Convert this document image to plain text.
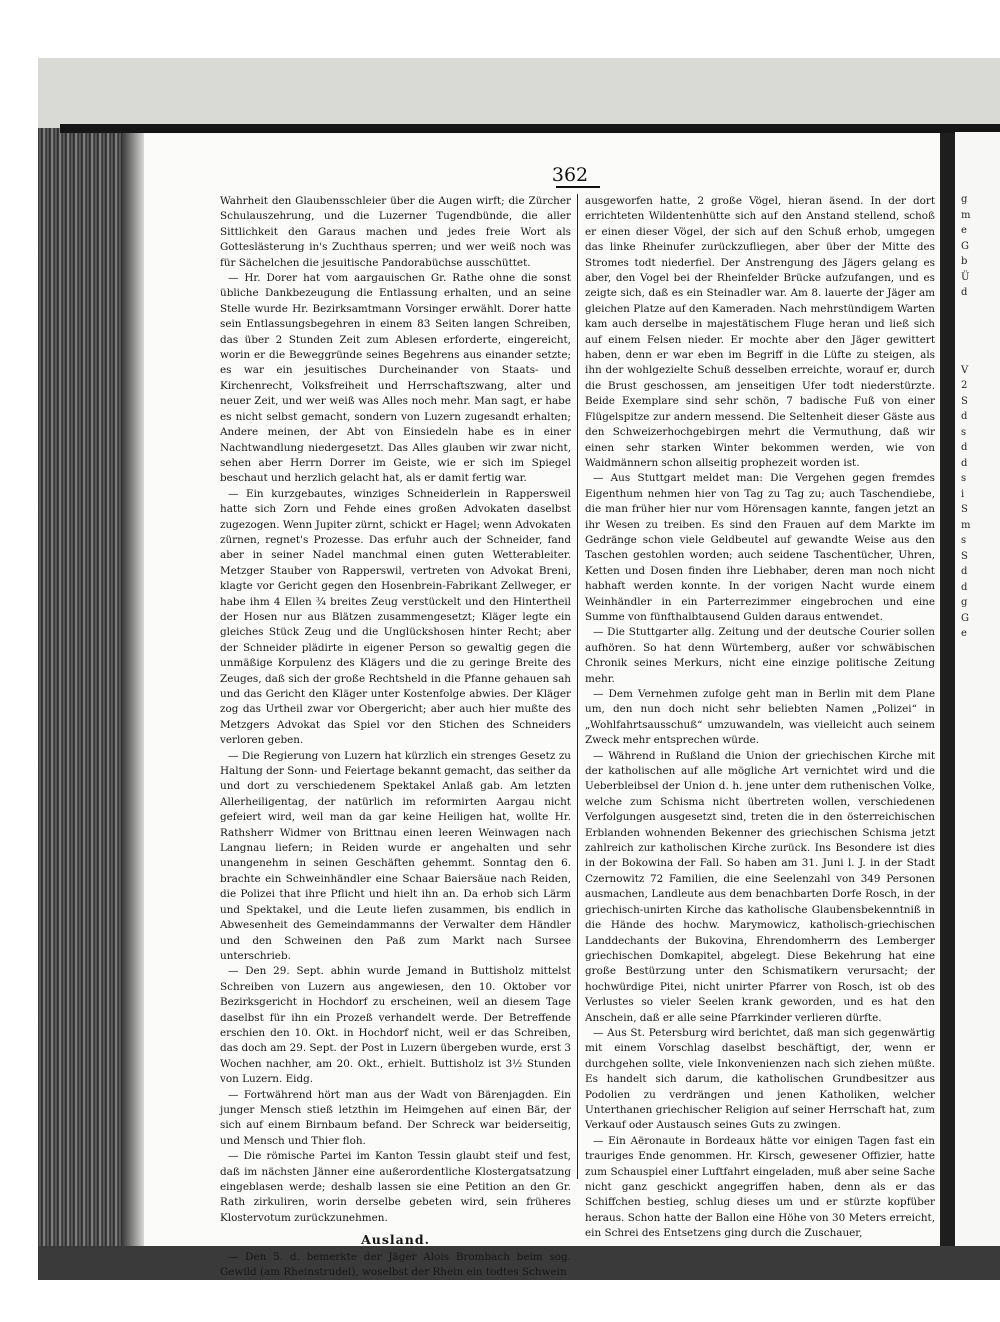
g
m
e
G
b
Ü
d

V
2
S
d
s
d
d
s
i
S
m
s
S
d
d
g
G
e
362

Wahrheit den Glaubensschleier über die Augen wirft; die Zürcher Schulauszehrung, und die Luzerner Tugendbünde, die aller Sittlichkeit den Garaus machen und jedes freie Wort als Gotteslästerung in's Zuchthaus sperren; und wer weiß noch was für Sächelchen die jesuitische Pandorabüchse ausschüttet.

— Hr. Dorer hat vom aargauischen Gr. Rathe ohne die sonst übliche Dankbezeugung die Entlassung erhalten, und an seine Stelle wurde Hr. Bezirksamtmann Vorsinger erwählt. Dorer hatte sein Entlassungsbegehren in einem 83 Seiten langen Schreiben, das über 2 Stunden Zeit zum Ablesen erforderte, eingereicht, worin er die Beweggründe seines Begehrens aus einander setzte; es war ein jesuitisches Durcheinander von Staats- und Kirchenrecht, Volksfreiheit und Herrschaftszwang, alter und neuer Zeit, und wer weiß was Alles noch mehr. Man sagt, er habe es nicht selbst gemacht, sondern von Luzern zugesandt erhalten; Andere meinen, der Abt von Einsiedeln habe es in einer Nachtwandlung niedergesetzt. Das Alles glauben wir zwar nicht, sehen aber Herrn Dorrer im Geiste, wie er sich im Spiegel beschaut und herzlich gelacht hat, als er damit fertig war.

— Ein kurzgebautes, winziges Schneiderlein in Rappersweil hatte sich Zorn und Fehde eines großen Advokaten daselbst zugezogen. Wenn Jupiter zürnt, schickt er Hagel; wenn Advokaten zürnen, regnet's Prozesse. Das erfuhr auch der Schneider, fand aber in seiner Nadel manchmal einen guten Wetterableiter. Metzger Stauber von Rapperswil, vertreten von Advokat Breni, klagte vor Gericht gegen den Hosenbrein-Fabrikant Zellweger, er habe ihm 4 Ellen ¾ breites Zeug verstückelt und den Hintertheil der Hosen nur aus Blätzen zusammengesetzt; Kläger legte ein gleiches Stück Zeug und die Unglückshosen hinter Recht; aber der Schneider plädirte in eigener Person so gewaltig gegen die unmäßige Korpulenz des Klägers und die zu geringe Breite des Zeuges, daß sich der große Rechtsheld in die Pfanne gehauen sah und das Gericht den Kläger unter Kostenfolge abwies. Der Kläger zog das Urtheil zwar vor Obergericht; aber auch hier mußte des Metzgers Advokat das Spiel vor den Stichen des Schneiders verloren geben.

— Die Regierung von Luzern hat kürzlich ein strenges Gesetz zu Haltung der Sonn- und Feiertage bekannt gemacht, das seither da und dort zu verschiedenem Spektakel Anlaß gab. Am letzten Allerheiligentag, der natürlich im reformirten Aargau nicht gefeiert wird, weil man da gar keine Heiligen hat, wollte Hr. Rathsherr Widmer von Brittnau einen leeren Weinwagen nach Langnau liefern; in Reiden wurde er angehalten und sehr unangenehm in seinen Geschäften gehemmt. Sonntag den 6. brachte ein Schweinhändler eine Schaar Baiersäue nach Reiden, die Polizei that ihre Pflicht und hielt ihn an. Da erhob sich Lärm und Spektakel, und die Leute liefen zusammen, bis endlich in Abwesenheit des Gemeindammanns der Verwalter dem Händler und den Schweinen den Paß zum Markt nach Sursee unterschrieb.

— Den 29. Sept. abhin wurde Jemand in Buttisholz mittelst Schreiben von Luzern aus angewiesen, den 10. Oktober vor Bezirksgericht in Hochdorf zu erscheinen, weil an diesem Tage daselbst für ihn ein Prozeß verhandelt werde. Der Betreffende erschien den 10. Okt. in Hochdorf nicht, weil er das Schreiben, das doch am 29. Sept. der Post in Luzern übergeben wurde, erst 3 Wochen nachher, am 20. Okt., erhielt. Buttisholz ist 3½ Stunden von Luzern. Eidg.

— Fortwährend hört man aus der Wadt von Bärenjagden. Ein junger Mensch stieß letzthin im Heimgehen auf einen Bär, der sich auf einem Birnbaum befand. Der Schreck war beiderseitig, und Mensch und Thier floh.

— Die römische Partei im Kanton Tessin glaubt steif und fest, daß im nächsten Jänner eine außerordentliche Klostergatsatzung eingeblasen werde; deshalb lassen sie eine Petition an den Gr. Rath zirkuliren, worin derselbe gebeten wird, sein früheres Klostervotum zurückzunehmen.

Ausland.

— Den 5. d. bemerkte der Jäger Alois Brombach beim sog. Gewild (am Rheinstrudel), woselbst der Rhein ein todtes Schwein

ausgeworfen hatte, 2 große Vögel, hieran äsend. In der dort errichteten Wildentenhütte sich auf den Anstand stellend, schoß er einen dieser Vögel, der sich auf den Schuß erhob, umgegen das linke Rheinufer zurückzufliegen, aber über der Mitte des Stromes todt niederfiel. Der Anstrengung des Jägers gelang es aber, den Vogel bei der Rheinfelder Brücke aufzufangen, und es zeigte sich, daß es ein Steinadler war. Am 8. lauerte der Jäger am gleichen Platze auf den Kameraden. Nach mehrstündigem Warten kam auch derselbe in majestätischem Fluge heran und ließ sich auf einem Felsen nieder. Er mochte aber den Jäger gewittert haben, denn er war eben im Begriff in die Lüfte zu steigen, als ihn der wohlgezielte Schuß desselben erreichte, worauf er, durch die Brust geschossen, am jenseitigen Ufer todt niederstürzte. Beide Exemplare sind sehr schön, 7 badische Fuß von einer Flügelspitze zur andern messend. Die Seltenheit dieser Gäste aus den Schweizerhochgebirgen mehrt die Vermuthung, daß wir einen sehr starken Winter bekommen werden, wie von Waidmännern schon allseitig prophezeit worden ist.

— Aus Stuttgart meldet man: Die Vergehen gegen fremdes Eigenthum nehmen hier von Tag zu Tag zu; auch Taschendiebe, die man früher hier nur vom Hörensagen kannte, fangen jetzt an ihr Wesen zu treiben. Es sind den Frauen auf dem Markte im Gedränge schon viele Geldbeutel auf gewandte Weise aus den Taschen gestohlen worden; auch seidene Taschentücher, Uhren, Ketten und Dosen finden ihre Liebhaber, deren man noch nicht habhaft werden konnte. In der vorigen Nacht wurde einem Weinhändler in ein Parterrezimmer eingebrochen und eine Summe von fünfthalbtausend Gulden daraus entwendet.

— Die Stuttgarter allg. Zeitung und der deutsche Courier sollen aufhören. So hat denn Würtemberg, außer vor schwäbischen Chronik seines Merkurs, nicht eine einzige politische Zeitung mehr.

— Dem Vernehmen zufolge geht man in Berlin mit dem Plane um, den nun doch nicht sehr beliebten Namen „Polizei“ in „Wohlfahrtsausschuß“ umzuwandeln, was vielleicht auch seinem Zweck mehr entsprechen würde.

— Während in Rußland die Union der griechischen Kirche mit der katholischen auf alle mögliche Art vernichtet wird und die Ueberbleibsel der Union d. h. jene unter dem ruthenischen Volke, welche zum Schisma nicht übertreten wollen, verschiedenen Verfolgungen ausgesetzt sind, treten die in den österreichischen Erblanden wohnenden Bekenner des griechischen Schisma jetzt zahlreich zur katholischen Kirche zurück. Ins Besondere ist dies in der Bokowina der Fall. So haben am 31. Juni l. J. in der Stadt Czernowitz 72 Familien, die eine Seelenzahl von 349 Personen ausmachen, Landleute aus dem benachbarten Dorfe Rosch, in der griechisch-unirten Kirche das katholische Glaubensbekenntniß in die Hände des hochw. Marymowicz, katholisch-griechischen Landdechants der Bukovina, Ehrendomherrn des Lemberger griechischen Domkapitel, abgelegt. Diese Bekehrung hat eine große Bestürzung unter den Schismatikern verursacht; der hochwürdige Pitei, nicht unirter Pfarrer von Rosch, ist ob des Verlustes so vieler Seelen krank geworden, und es hat den Anschein, daß er alle seine Pfarrkinder verlieren dürfte.

— Aus St. Petersburg wird berichtet, daß man sich gegenwärtig mit einem Vorschlag daselbst beschäftigt, der, wenn er durchgehen sollte, viele Inkonvenienzen nach sich ziehen müßte. Es handelt sich darum, die katholischen Grundbesitzer aus Podolien zu verdrängen und jenen Katholiken, welcher Unterthanen griechischer Religion auf seiner Herrschaft hat, zum Verkauf oder Austausch seines Guts zu zwingen.

— Ein Aëronaute in Bordeaux hätte vor einigen Tagen fast ein trauriges Ende genommen. Hr. Kirsch, gewesener Offizier, hatte zum Schauspiel einer Luftfahrt eingeladen, muß aber seine Sache nicht ganz geschickt angegriffen haben, denn als er das Schiffchen bestieg, schlug dieses um und er stürzte kopfüber heraus. Schon hatte der Ballon eine Höhe von 30 Meters erreicht, ein Schrei des Entsetzens ging durch die Zuschauer,
